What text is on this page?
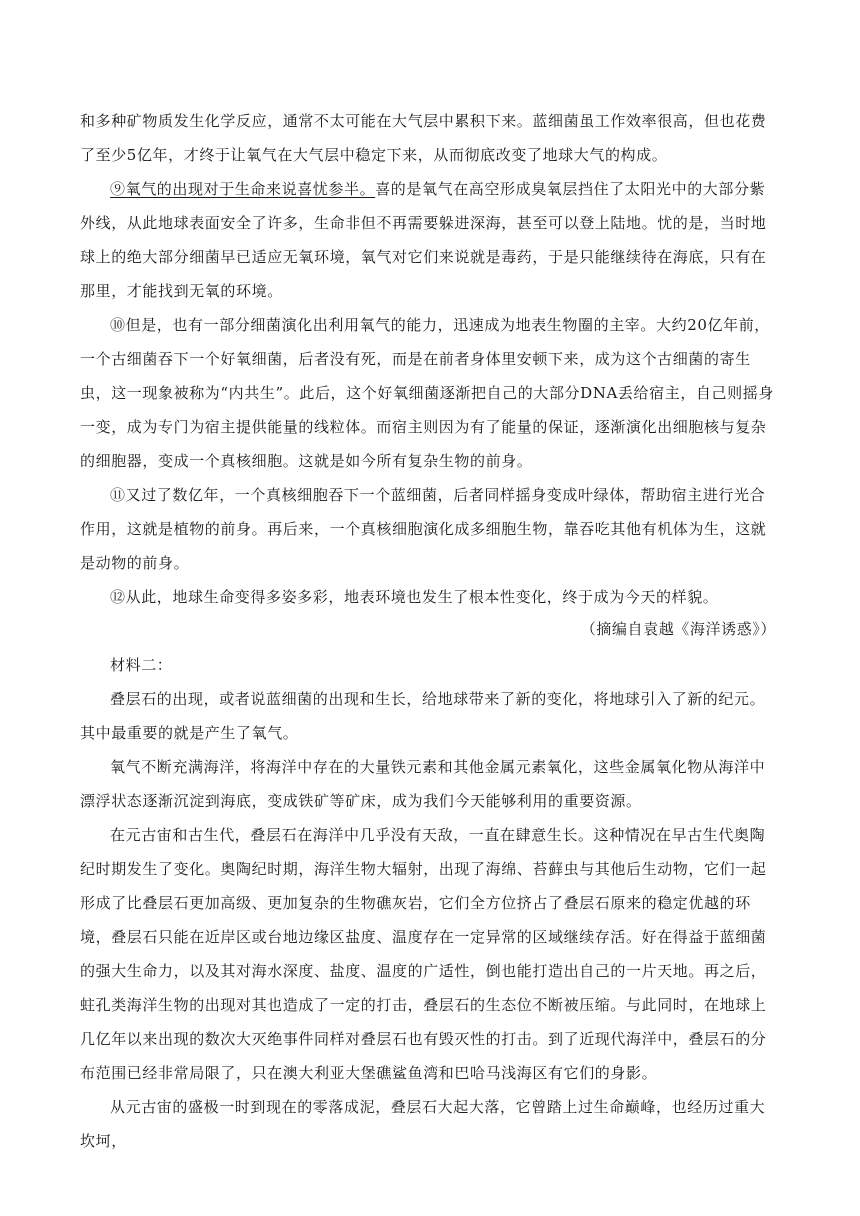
和多种矿物质发生化学反应，通常不太可能在大气层中累积下来。蓝细菌虽工作效率很高，但也花费了至少5亿年，才终于让氧气在大气层中稳定下来，从而彻底改变了地球大气的构成。

⑨氧气的出现对于生命来说喜忧参半。喜的是氧气在高空形成臭氧层挡住了太阳光中的大部分紫外线，从此地球表面安全了许多，生命非但不再需要躲进深海，甚至可以登上陆地。忧的是，当时地球上的绝大部分细菌早已适应无氧环境，氧气对它们来说就是毒药，于是只能继续待在海底，只有在那里，才能找到无氧的环境。

⑩但是，也有一部分细菌演化出利用氧气的能力，迅速成为地表生物圈的主宰。大约20亿年前，一个古细菌吞下一个好氧细菌，后者没有死，而是在前者身体里安顿下来，成为这个古细菌的寄生虫，这一现象被称为“内共生”。此后，这个好氧细菌逐渐把自己的大部分DNA丢给宿主，自己则摇身一变，成为专门为宿主提供能量的线粒体。而宿主则因为有了能量的保证，逐渐演化出细胞核与复杂的细胞器，变成一个真核细胞。这就是如今所有复杂生物的前身。

⑪又过了数亿年，一个真核细胞吞下一个蓝细菌，后者同样摇身变成叶绿体，帮助宿主进行光合作用，这就是植物的前身。再后来，一个真核细胞演化成多细胞生物，靠吞吃其他有机体为生，这就是动物的前身。

⑫从此，地球生命变得多姿多彩，地表环境也发生了根本性变化，终于成为今天的样貌。

（摘编自袁越《海洋诱惑》）

材料二：

叠层石的出现，或者说蓝细菌的出现和生长，给地球带来了新的变化，将地球引入了新的纪元。其中最重要的就是产生了氧气。

氧气不断充满海洋，将海洋中存在的大量铁元素和其他金属元素氧化，这些金属氧化物从海洋中漂浮状态逐渐沉淀到海底，变成铁矿等矿床，成为我们今天能够利用的重要资源。

在元古宙和古生代，叠层石在海洋中几乎没有天敌，一直在肆意生长。这种情况在早古生代奥陶纪时期发生了变化。奥陶纪时期，海洋生物大辐射，出现了海绵、苔藓虫与其他后生动物，它们一起形成了比叠层石更加高级、更加复杂的生物礁灰岩，它们全方位挤占了叠层石原来的稳定优越的环境，叠层石只能在近岸区或台地边缘区盐度、温度存在一定异常的区域继续存活。好在得益于蓝细菌的强大生命力，以及其对海水深度、盐度、温度的广适性，倒也能打造出自己的一片天地。再之后，蛀孔类海洋生物的出现对其也造成了一定的打击，叠层石的生态位不断被压缩。与此同时，在地球上几亿年以来出现的数次大灭绝事件同样对叠层石也有毁灭性的打击。到了近现代海洋中，叠层石的分布范围已经非常局限了，只在澳大利亚大堡礁鲨鱼湾和巴哈马浅海区有它们的身影。

从元古宙的盛极一时到现在的零落成泥，叠层石大起大落，它曾踏上过生命巅峰，也经历过重大坎坷，
